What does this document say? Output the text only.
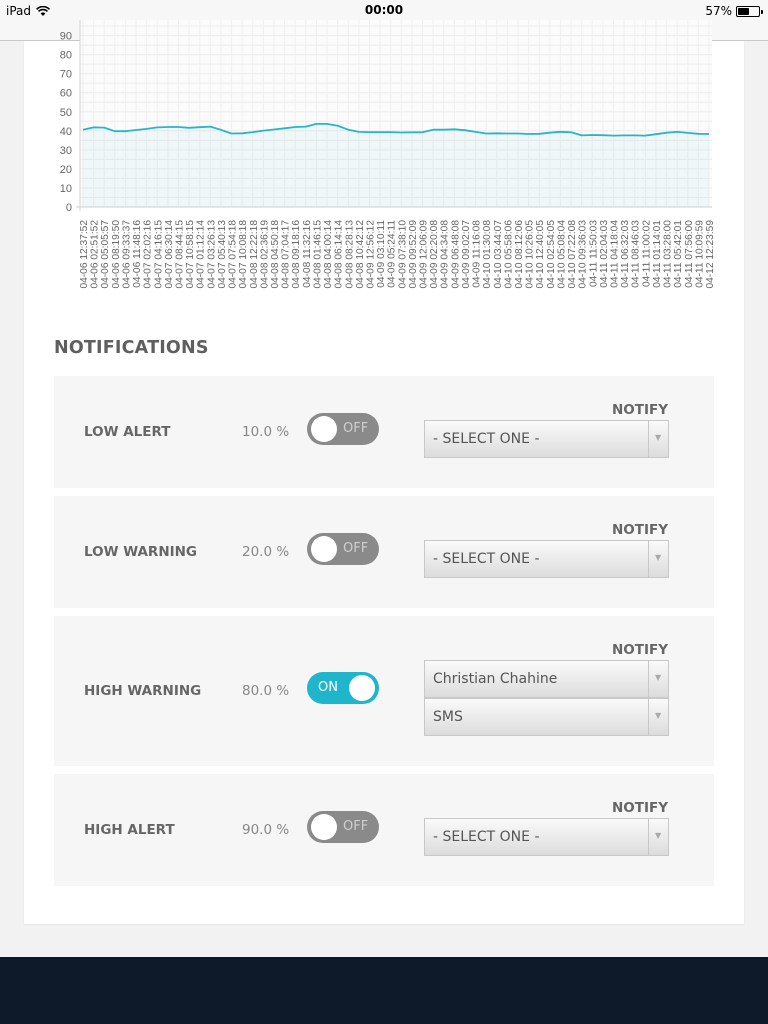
iPad	00:00	57%
0
10
20
30
40
50
60
70
80
90
04-06 12:37:52 04-06 02:51:52 04-06 05:05:57 04-06 08:19:50 04-06 09:33:37 04-06 11:48:16 04-07 02:02:16 04-07 04:16:15 04-07 06:30:14 04-07 08:44:15 04-07 10:58:15 04-07 01:12:14 04-07 03:26:13 04-07 05:40:13 04-07 07:54:18 04-07 10:08:18 04-08 12:22:18 04-08 02:36:19 04-08 04:50:18 04-08 07:04:17 04-08 09:18:16 04-08 11:32:16 04-08 01:46:15 04-08 04:00:14 04-08 06:14:14 04-08 08:28:13 04-08 10:42:12 04-09 12:56:12 04-09 03:10:11 04-09 05:24:11 04-09 07:38:10 04-09 09:52:09 04-09 12:06:09 04-09 02:20:08 04-09 04:34:08 04-09 06:48:08 04-09 09:02:07 04-09 11:16:08 04-10 01:30:08 04-10 03:44:07 04-10 05:58:06 04-10 08:12:06 04-10 10:26:05 04-10 12:40:05 04-10 02:54:05 04-10 05:08:04 04-10 07:22:08 04-10 09:36:03 04-11 11:50:03 04-11 02:04:03 04-11 04:18:04 04-11 06:32:03 04-11 08:46:03 04-11 11:00:02 04-11 01:14:01 04-11 03:28:00 04-11 05:42:01 04-11 07:56:00 04-11 10:09:59 04-12 12:23:59
NOTIFICATIONS
LOW ALERT	10.0 %	OFF
NOTIFY
- SELECT ONE -	▼
LOW WARNING	20.0 %	OFF
NOTIFY
- SELECT ONE -	▼
HIGH WARNING	80.0 % ON
NOTIFY
Christian Chahine	▼
SMS	▼
HIGH ALERT	90.0 %	OFF
NOTIFY
- SELECT ONE -	▼
